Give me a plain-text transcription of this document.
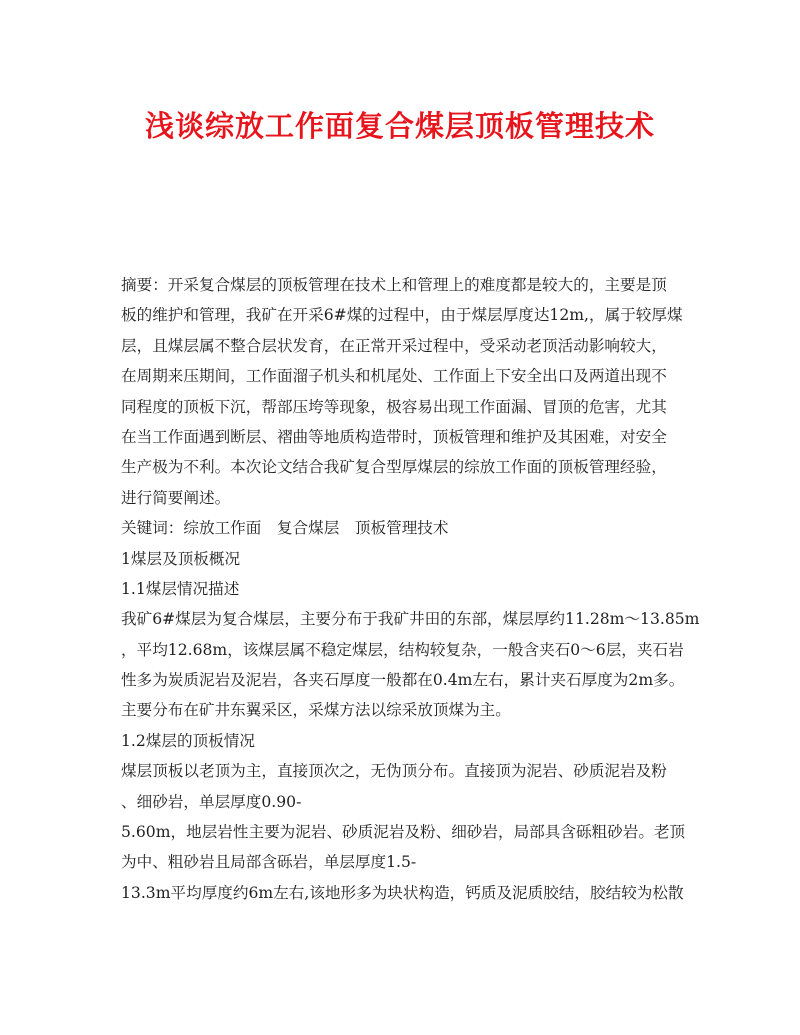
浅谈综放工作面复合煤层顶板管理技术
摘要：开采复合煤层的顶板管理在技术上和管理上的难度都是较大的，主要是顶
板的维护和管理，我矿在开采6#煤的过程中，由于煤层厚度达12m,，属于较厚煤
层，且煤层属不整合层状发育，在正常开采过程中，受采动老顶活动影响较大，
在周期来压期间，工作面溜子机头和机尾处、工作面上下安全出口及两道出现不
同程度的顶板下沉，帮部压垮等现象，极容易出现工作面漏、冒顶的危害，尤其
在当工作面遇到断层、褶曲等地质构造带时，顶板管理和维护及其困难，对安全
生产极为不利。本次论文结合我矿复合型厚煤层的综放工作面的顶板管理经验，
进行简要阐述。
关键词：综放工作面　复合煤层　顶板管理技术
1煤层及顶板概况
1.1煤层情况描述
我矿6#煤层为复合煤层，主要分布于我矿井田的东部，煤层厚约11.28m～13.85m
，平均12.68m，该煤层属不稳定煤层，结构较复杂，一般含夹石0～6层，夹石岩
性多为炭质泥岩及泥岩，各夹石厚度一般都在0.4m左右，累计夹石厚度为2m多。
主要分布在矿井东翼采区，采煤方法以综采放顶煤为主。
1.2煤层的顶板情况
煤层顶板以老顶为主，直接顶次之，无伪顶分布。直接顶为泥岩、砂质泥岩及粉
、细砂岩，单层厚度0.90-
5.60m，地层岩性主要为泥岩、砂质泥岩及粉、细砂岩，局部具含砾粗砂岩。老顶
为中、粗砂岩且局部含砾岩，单层厚度1.5-
13.3m平均厚度约6m左右,该地形多为块状构造，钙质及泥质胶结，胶结较为松散
